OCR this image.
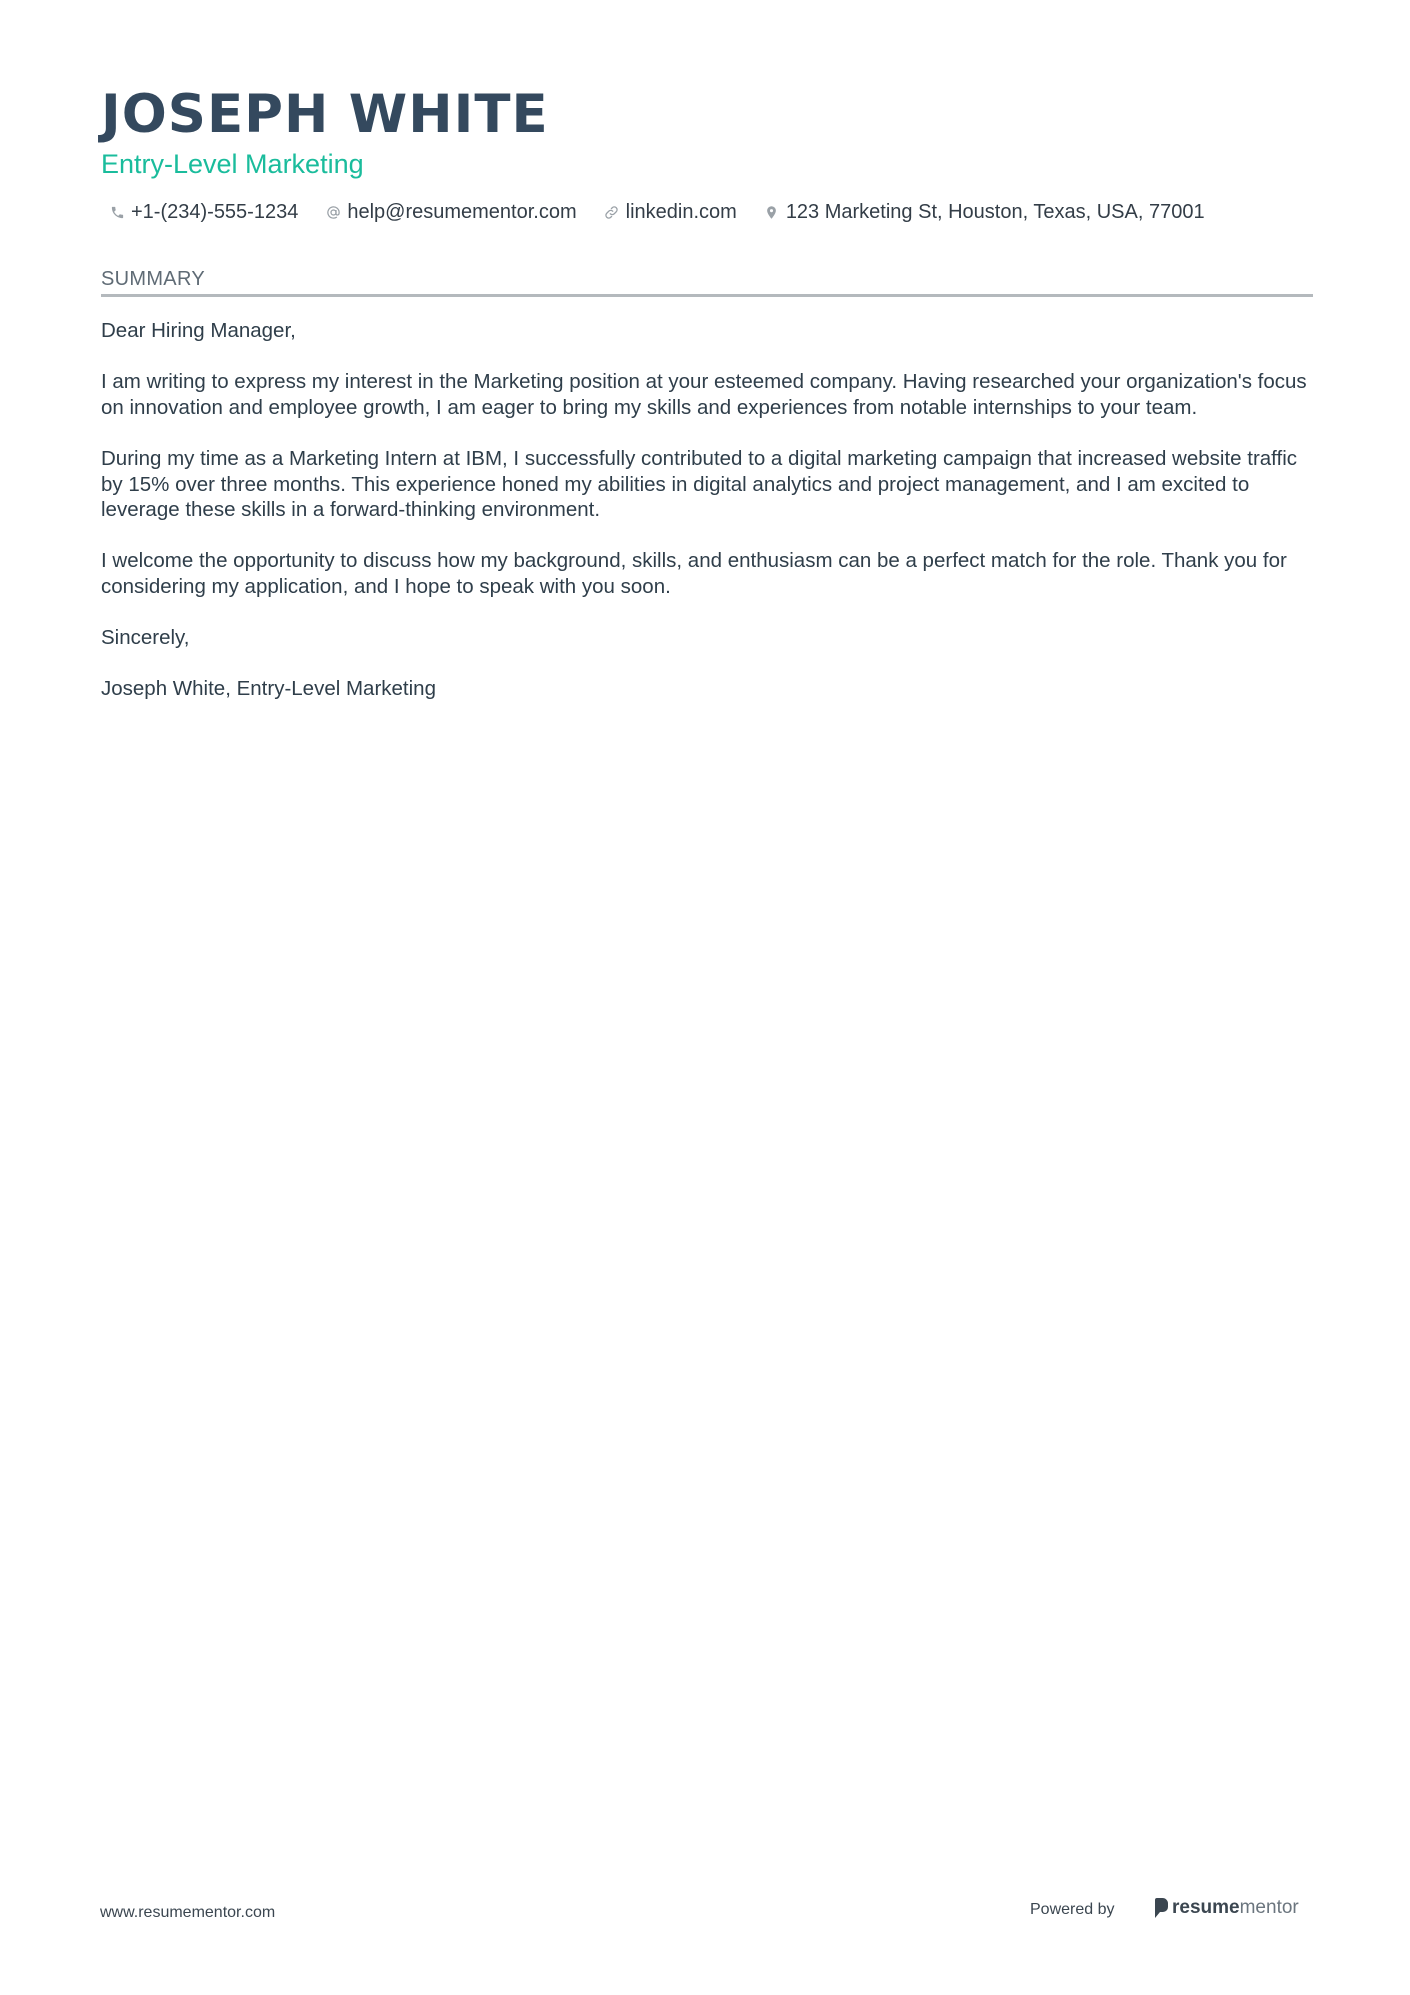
JOSEPH WHITE
Entry-Level Marketing
+1-(234)-555-1234 help@resumementor.com linkedin.com 123 Marketing St, Houston, Texas, USA, 77001
SUMMARY

Dear Hiring Manager,

I am writing to express my interest in the Marketing position at your esteemed company. Having researched your organization's focus on innovation and employee growth, I am eager to bring my skills and experiences from notable internships to your team.

During my time as a Marketing Intern at IBM, I successfully contributed to a digital marketing campaign that increased website traffic by 15% over three months. This experience honed my abilities in digital analytics and project management, and I am excited to leverage these skills in a forward-thinking environment.

I welcome the opportunity to discuss how my background, skills, and enthusiasm can be a perfect match for the role. Thank you for considering my application, and I hope to speak with you soon.

Sincerely,

Joseph White, Entry-Level Marketing

www.resumementor.com	Powered by	resume mentor
